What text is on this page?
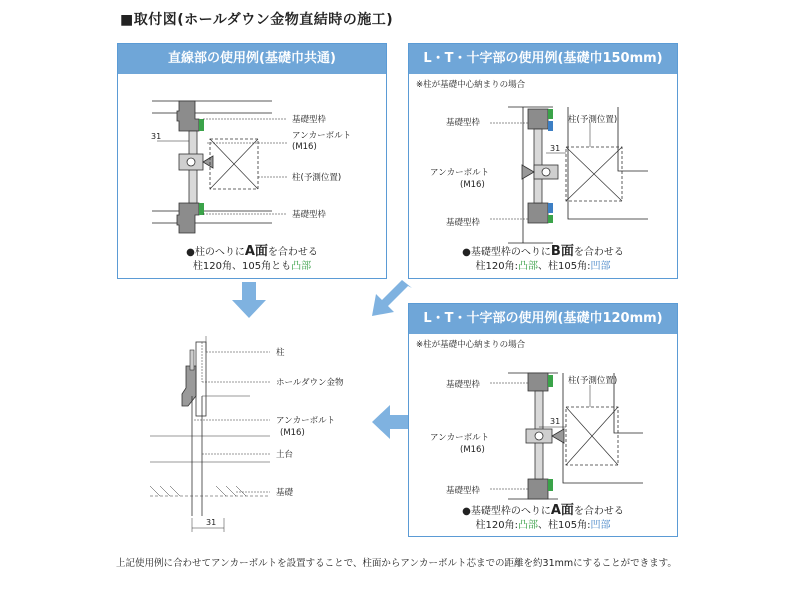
■取付図(ホールダウン金物直結時の施工)
直線部の使用例(基礎巾共通)
31
基礎型枠
アンカーボルト
(M16)
柱(予測位置)
基礎型枠
●柱のへりにA面を合わせる
柱120角、105角とも凸部
L・T・十字部の使用例(基礎巾150mm)
※柱が基礎中心納まりの場合
31
基礎型枠	柱(予測位置)
アンカーボルト
(M16)
基礎型枠
●基礎型枠のへりにB面を合わせる
柱120角:凸部、柱105角:凹部
L・T・十字部の使用例(基礎巾120mm)
※柱が基礎中心納まりの場合
31
基礎型枠	柱(予測位置)
アンカーボルト
(M16)
基礎型枠
●基礎型枠のへりにA面を合わせる
柱120角:凸部、柱105角:凹部
31
柱
ホールダウン金物
アンカーボルト
(M16)
土台
基礎
上記使用例に合わせてアンカーボルトを設置することで、柱面からアンカーボルト芯までの距離を約31mmにすることができます。
